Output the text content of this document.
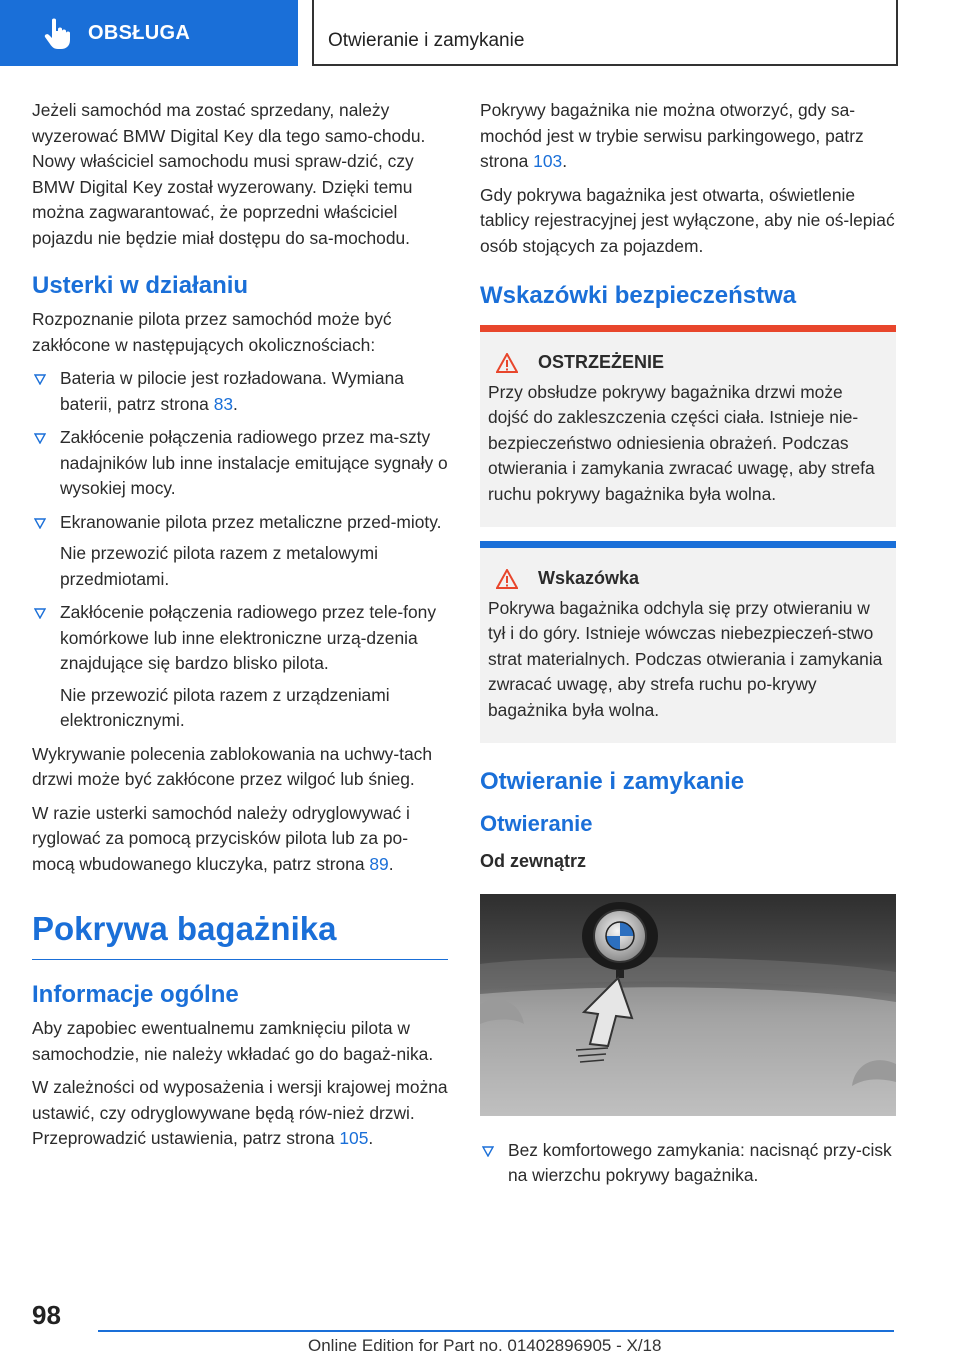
OBSŁUGA	Otwieranie i zamykanie

Jeżeli samochód ma zostać sprzedany, należy wyzerować BMW Digital Key dla tego samo-chodu. Nowy właściciel samochodu musi spraw-dzić, czy BMW Digital Key został wyzerowany. Dzięki temu można zagwarantować, że poprzedni właściciel pojazdu nie będzie miał dostępu do sa-mochodu.

Usterki w działaniu

Rozpoznanie pilota przez samochód może być zakłócone w następujących okolicznościach:

Bateria w pilocie jest rozładowana. Wymiana baterii, patrz strona 83.
Zakłócenie połączenia radiowego przez ma-szty nadajników lub inne instalacje emitujące sygnały o wysokiej mocy.
Ekranowanie pilota przez metaliczne przed-mioty.

Nie przewozić pilota razem z metalowymi przedmiotami.

Zakłócenie połączenia radiowego przez tele-fony komórkowe lub inne elektroniczne urzą-dzenia znajdujące się bardzo blisko pilota.

Nie przewozić pilota razem z urządzeniami elektronicznymi.

Wykrywanie polecenia zablokowania na uchwy-tach drzwi może być zakłócone przez wilgoć lub śnieg.

W razie usterki samochód należy odryglowywać i ryglować za pomocą przycisków pilota lub za po-mocą wbudowanego kluczyka, patrz strona 89.

Pokrywa bagażnika
Informacje ogólne

Aby zapobiec ewentualnemu zamknięciu pilota w samochodzie, nie należy wkładać go do bagaż-nika.

W zależności od wyposażenia i wersji krajowej można ustawić, czy odryglowywane będą rów-nież drzwi. Przeprowadzić ustawienia, patrz strona 105.

Pokrywy bagażnika nie można otworzyć, gdy sa-mochód jest w trybie serwisu parkingowego, patrz strona 103.

Gdy pokrywa bagażnika jest otwarta, oświetlenie tablicy rejestracyjnej jest wyłączone, aby nie oś-lepiać osób stojących za pojazdem.

Wskazówki bezpieczeństwa
OSTRZEŻENIE
Przy obsłudze pokrywy bagażnika drzwi może dojść do zakleszczenia części ciała. Istnieje nie-bezpieczeństwo odniesienia obrażeń. Podczas otwierania i zamykania zwracać uwagę, aby strefa ruchu pokrywy bagażnika była wolna.
Wskazówka
Pokrywa bagażnika odchyla się przy otwieraniu w tył i do góry. Istnieje wówczas niebezpieczeń-stwo strat materialnych. Podczas otwierania i zamykania zwracać uwagę, aby strefa ruchu po-krywy bagażnika była wolna.
Otwieranie i zamykanie
Otwieranie
Od zewnątrz
Bez komfortowego zamykania: nacisnąć przy-cisk na wierzchu pokrywy bagażnika.
98
Online Edition for Part no. 01402896905 - X/18
